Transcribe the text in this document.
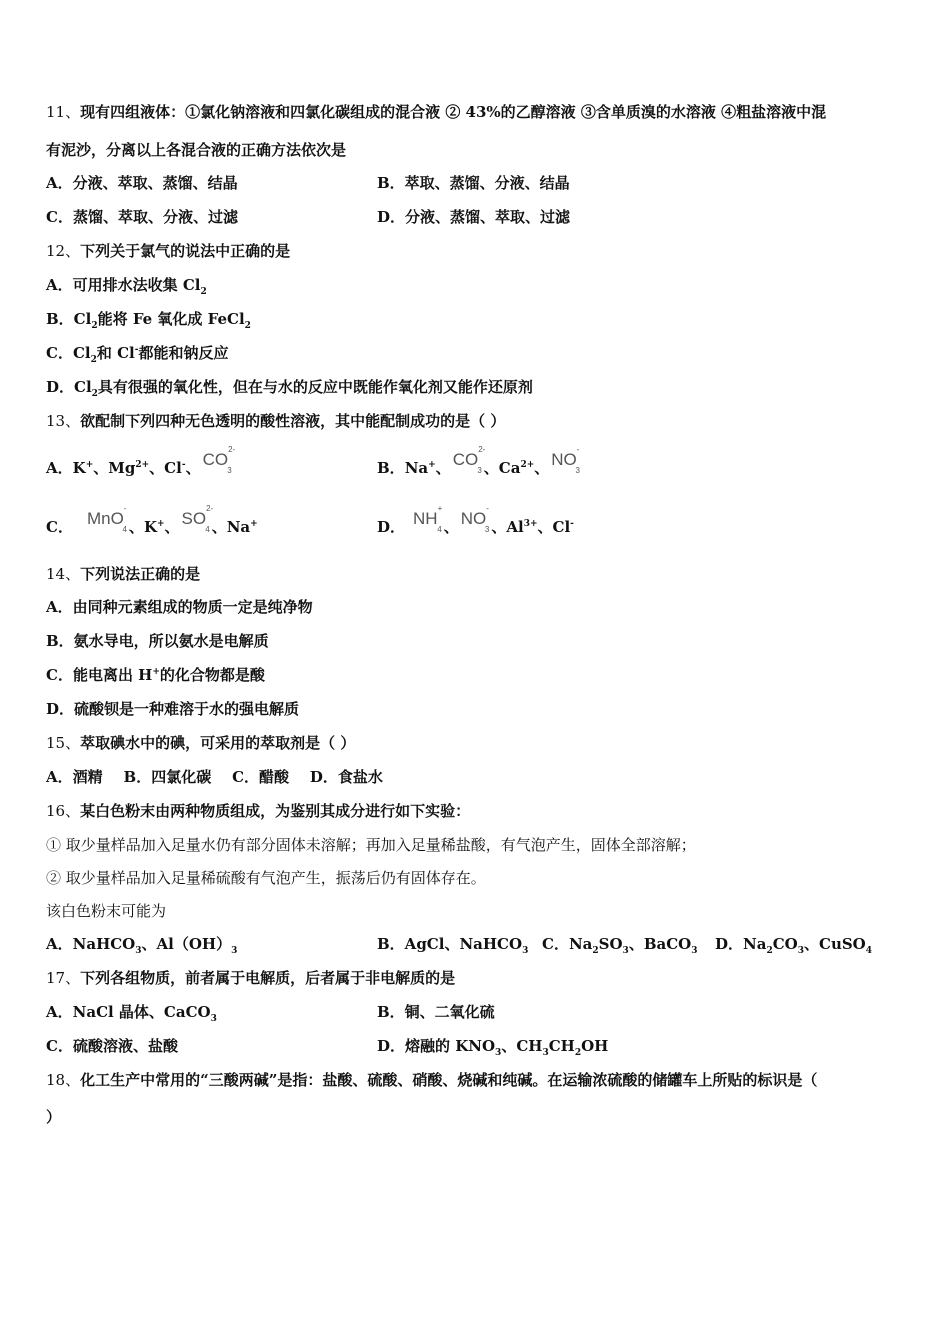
11、现有四组液体：①氯化钠溶液和四氯化碳组成的混合液 ② 43%的乙醇溶液 ③含单质溴的水溶液 ④粗盐溶液中混
有泥沙，分离以上各混合液的正确方法依次是
A．分液、萃取、蒸馏、结晶	B．萃取、蒸馏、分液、结晶
C．蒸馏、萃取、分液、过滤	D．分液、蒸馏、萃取、过滤
12、下列关于氯气的说法中正确的是
A．可用排水法收集 $Cl_2$
B．$Cl_2$能将 Fe 氧化成 FeCl$_2$
C．$Cl_2$和 Cl-都能和钠反应
D．$Cl_2$具有很强的氧化性，但在与水的反应中既能作氧化剂又能作还原剂
13、欲配制下列四种无色透明的酸性溶液，其中能配制成功的是（ ）
A．K+、$Mg^{2+}$、Cl-、 $CO^{2-}_3$	B．Na+、 $CO^{2-}_3$ 、$Ca^{2+}$、 $NO^-_3$
C． MnO-$_4$ 、K+、 $SO^{2-}_4$ 、Na+	D． $NH^+_4$ 、 $NO^-_3$ 、$Al^{3+}$、Cl-
14、下列说法正确的是
A．由同种元素组成的物质一定是纯净物
B．氨水导电，所以氨水是电解质
C．能电离出 H+的化合物都是酸
D．硫酸钡是一种难溶于水的强电解质
15、萃取碘水中的碘，可采用的萃取剂是（ ）
A．酒精    B．四氯化碳    C．醋酸    D．食盐水
16、某白色粉末由两种物质组成，为鉴别其成分进行如下实验：
① 取少量样品加入足量水仍有部分固体未溶解；再加入足量稀盐酸，有气泡产生，固体全部溶解；
② 取少量样品加入足量稀硫酸有气泡产生，振荡后仍有固体存在。
该白色粉末可能为
A．NaHCO$_3$、$Al(OH)_3$	B．AgCl、NaHCO$_3$ C．$Na_2SO_3$、BaCO$_3$ D．$Na_2CO_3$、CuSO$_4$
17、下列各组物质，前者属于电解质，后者属于非电解质的是
A．NaCl 晶体、CaCO$_3$	B．铜、二氧化硫
C．硫酸溶液、盐酸	D．熔融的 $KNO_3$、$CH_3CH_2OH$
18、化工生产中常用的“三酸两碱”是指：盐酸、硫酸、硝酸、烧碱和纯碱。在运输浓硫酸的储罐车上所贴的标识是（
）
